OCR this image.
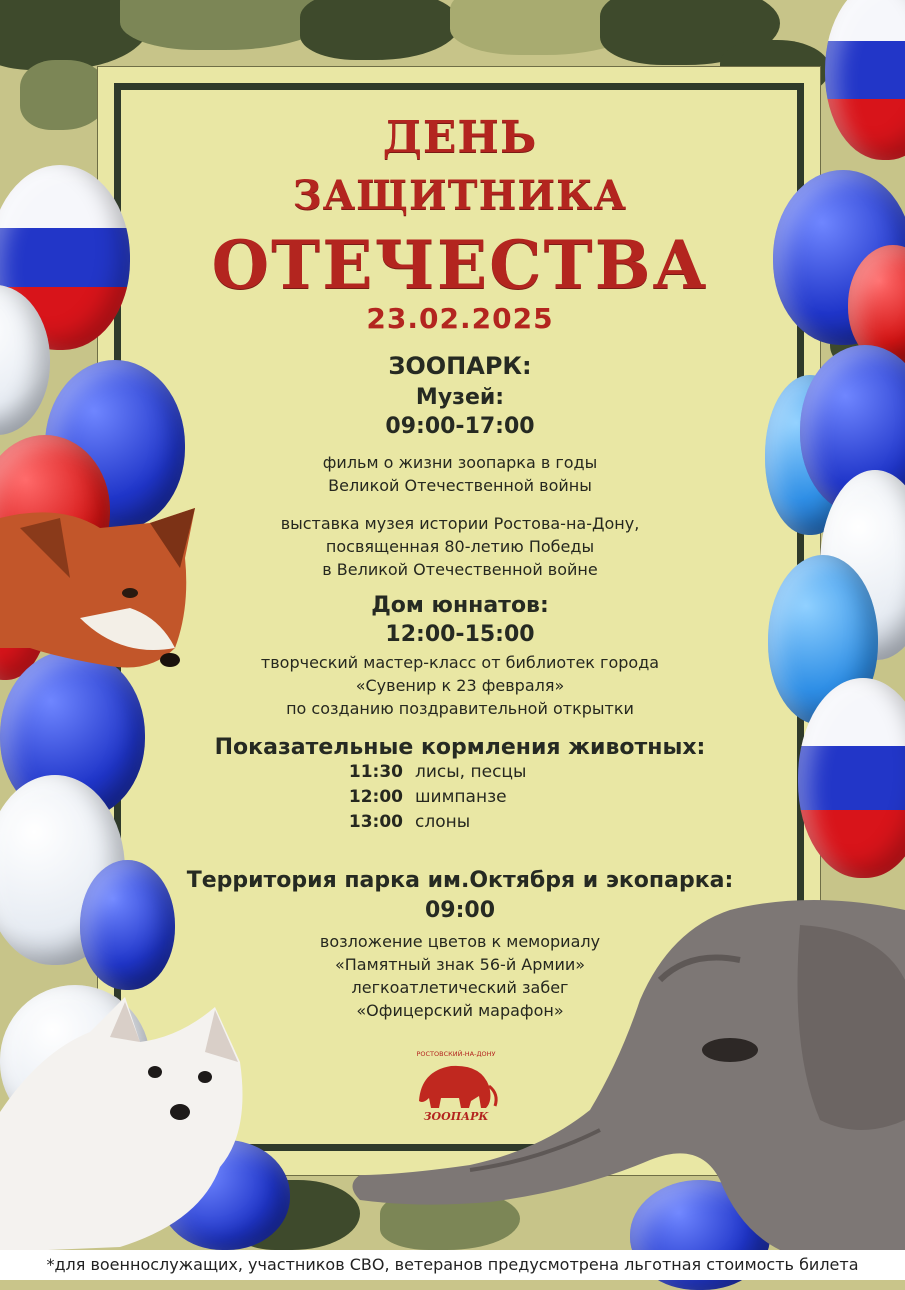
ДЕНЬ
ЗАЩИТНИКА
ОТЕЧЕСТВА
23.02.2025
ЗООПАРК:
Музей:
09:00-17:00
фильм о жизни зоопарка в годы
Великой Отечественной войны
выставка музея истории Ростова-на-Дону,
посвященная 80-летию Победы
в Великой Отечественной войне
Дом юннатов:
12:00-15:00
творческий мастер-класс от библиотек города
«Сувенир к 23 февраля»
по созданию поздравительной открытки
Показательные кормления животных:
11:30 лисы, песцы
12:00 шимпанзе
13:00 слоны
Территория парка им.Октября и экопарка:
09:00
возложение цветов к мемориалу
«Памятный знак 56-й Армии»
легкоатлетический забег
«Офицерский марафон»
РОСТОВСКИЙ-НА-ДОНУ
ЗООПАРК
*для военнослужащих, участников СВО, ветеранов предусмотрена льготная стоимость билета
